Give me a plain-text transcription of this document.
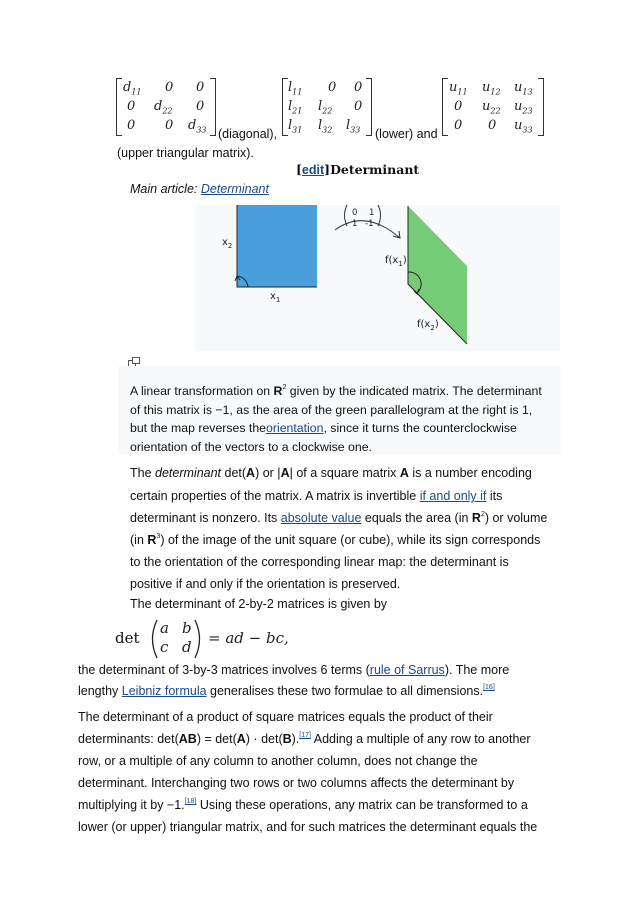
$d_{11}$ 0 0
0 $d_{22}$ 0
0 0 $d_{33}$ (diagonal),
$l_{11}$ 0 0
$l_{21}$ $l_{22}$ 0
$l_{31}$ $l_{32}$ $l_{33}$ (lower) and
$u_{11}$ $u_{12}$ $u_{13}$
0 $u_{22}$ $u_{23}$
0 0 $u_{33}$
(upper triangular matrix).
[edit]Determinant
Main article: Determinant
$x_2$
$x_1$
0 1
1 -1
$f(x_1)$
$f(x_2)$
A linear transformation on $R^2$ given by the indicated matrix. The determinant
of this matrix is −1, as the area of the green parallelogram at the right is 1,
but the map reverses theorientation, since it turns the counterclockwise
orientation of the vectors to a clockwise one.
The determinant det(A) or |A| of a square matrix A is a number encoding
certain properties of the matrix. A matrix is invertible if and only if its
determinant is nonzero. Its absolute value equals the area (in $R^2$) or volume
(in $R^3$) of the image of the unit square (or cube), while its sign corresponds
to the orientation of the corresponding linear map: the determinant is
positive if and only if the orientation is preserved.
The determinant of 2-by-2 matrices is given by
det
a b
c d = ad − bc,
the determinant of 3-by-3 matrices involves 6 terms (rule of Sarrus). The more
lengthy Leibniz formula generalises these two formulae to all dimensions.[16]
The determinant of a product of square matrices equals the product of their
determinants: det(AB) = det(A) · det(B).[17] Adding a multiple of any row to another
row, or a multiple of any column to another column, does not change the
determinant. Interchanging two rows or two columns affects the determinant by
multiplying it by −1.[18] Using these operations, any matrix can be transformed to a
lower (or upper) triangular matrix, and for such matrices the determinant equals the
